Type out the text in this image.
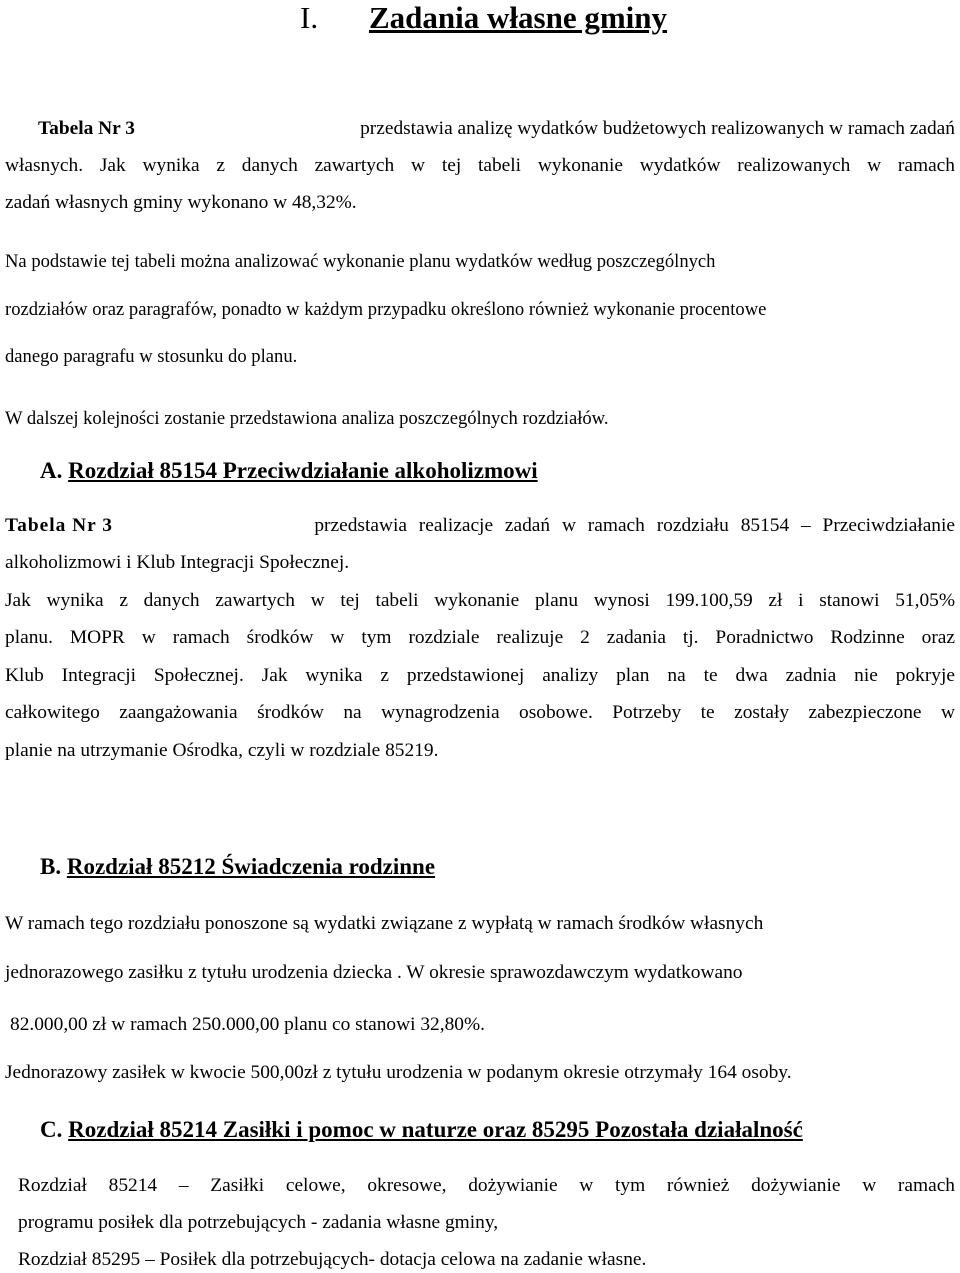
I. Zadania własne gminy
Tabela Nr 3	przedstawia analizę wydatków budżetowych realizowanych w ramach zadań
własnych. Jak wynika z danych zawartych w tej tabeli wykonanie wydatków realizowanych w ramach
zadań własnych gminy wykonano w 48,32%.
Na podstawie tej tabeli można analizować wykonanie planu wydatków według poszczególnych
rozdziałów oraz paragrafów, ponadto w każdym przypadku określono również wykonanie procentowe
danego paragrafu w stosunku do planu.
W dalszej kolejności zostanie przedstawiona analiza poszczególnych rozdziałów.
A. Rozdział 85154 Przeciwdziałanie alkoholizmowi
Tabela Nr 3	przedstawia realizacje zadań w ramach rozdziału 85154 – Przeciwdziałanie
alkoholizmowi i Klub Integracji Społecznej.
Jak wynika z danych zawartych w tej tabeli wykonanie planu wynosi 199.100,59 zł i stanowi 51,05%
planu. MOPR w ramach środków w tym rozdziale realizuje 2 zadania tj. Poradnictwo Rodzinne oraz
Klub Integracji Społecznej. Jak wynika z przedstawionej analizy plan na te dwa zadnia nie pokryje
całkowitego zaangażowania środków na wynagrodzenia osobowe. Potrzeby te zostały zabezpieczone w
planie na utrzymanie Ośrodka, czyli w rozdziale 85219.
B. Rozdział 85212 Świadczenia rodzinne
W ramach tego rozdziału ponoszone są wydatki związane z wypłatą w ramach środków własnych
jednorazowego zasiłku z tytułu urodzenia dziecka . W okresie sprawozdawczym wydatkowano
82.000,00 zł w ramach 250.000,00 planu co stanowi 32,80%.
Jednorazowy zasiłek w kwocie 500,00zł z tytułu urodzenia w podanym okresie otrzymały 164 osoby.
C. Rozdział 85214 Zasiłki i pomoc w naturze oraz 85295 Pozostała działalność
Rozdział 85214 – Zasiłki celowe, okresowe, dożywianie w tym również dożywianie w ramach
programu posiłek dla potrzebujących - zadania własne gminy,
Rozdział 85295 – Posiłek dla potrzebujących- dotacja celowa na zadanie własne.
